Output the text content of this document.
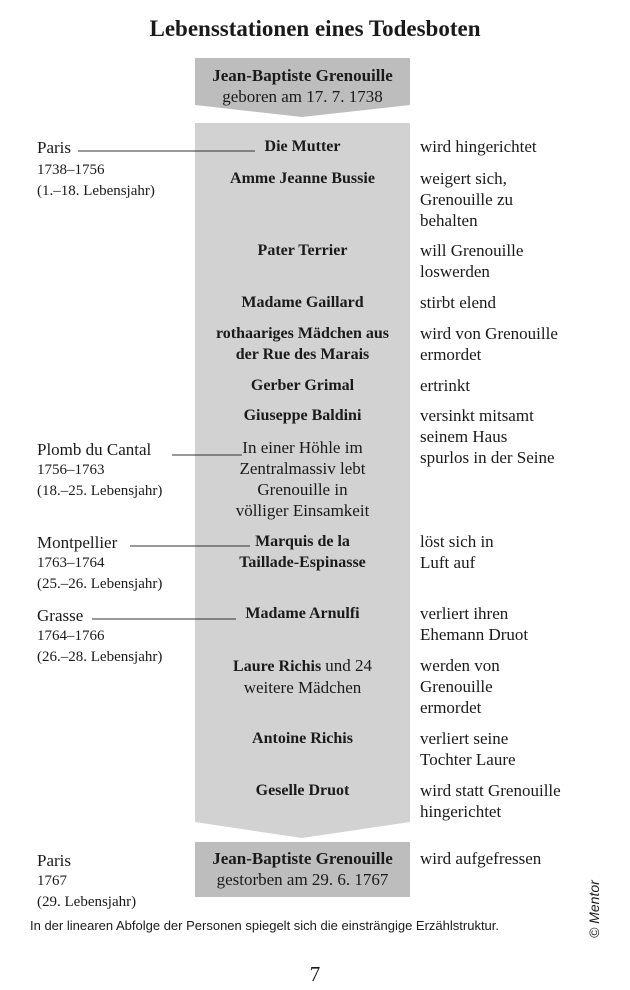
Lebensstationen eines Todesboten
Jean-Baptiste Grenouille
geboren am 17. 7. 1738
Jean-Baptiste Grenouille
gestorben am 29. 6. 1767
Paris
1738–1756
(1.–18. Lebensjahr)
Plomb du Cantal
1756–1763
(18.–25. Lebensjahr)
Montpellier
1763–1764
(25.–26. Lebensjahr)
Grasse
1764–1766
(26.–28. Lebensjahr)
Paris
1767
(29. Lebensjahr)
Die Mutter
Amme Jeanne Bussie
Pater Terrier
Madame Gaillard
rothaariges Mädchen aus der Rue des Marais
Gerber Grimal
Giuseppe Baldini
In einer Höhle im Zentralmassiv lebt Grenouille in völliger Einsamkeit
Marquis de la Taillade-Espinasse
Madame Arnulfi
Laure Richis und 24 weitere Mädchen
Antoine Richis
Geselle Druot
wird hingerichtet
weigert sich, Grenouille zu behalten
will Grenouille loswerden
stirbt elend
wird von Grenouille ermordet
ertrinkt
versinkt mitsamt seinem Haus spurlos in der Seine
löst sich in Luft auf
verliert ihren Ehemann Druot
werden von Grenouille ermordet
verliert seine Tochter Laure
wird statt Grenouille hingerichtet
wird aufgefressen
In der linearen Abfolge der Personen spiegelt sich die einsträngige Erzählstruktur.	© Mentor
7
